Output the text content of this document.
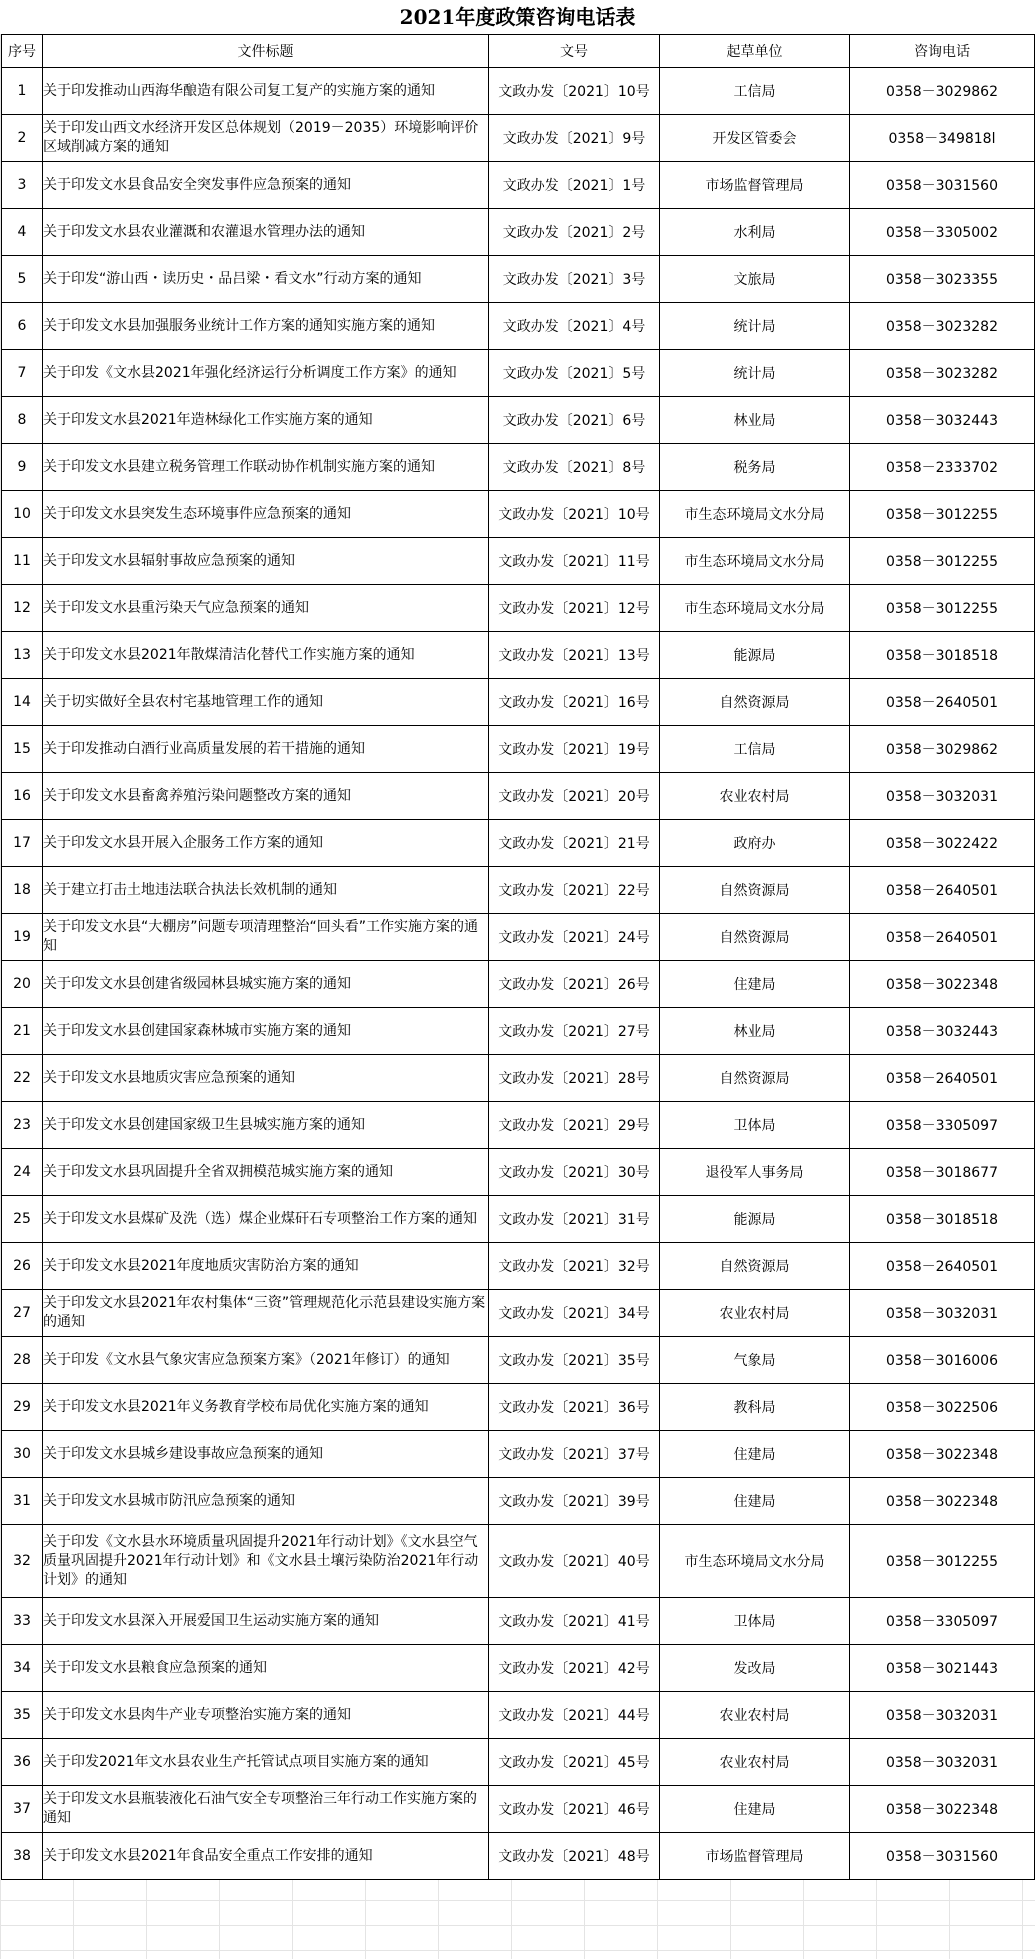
2021年度政策咨询电话表
序号	文件标题	文号	起草单位	咨询电话
1	关于印发推动山西海华酿造有限公司复工复产的实施方案的通知	文政办发〔2021〕10号	工信局	0358－3029862
2	关于印发山西文水经济开发区总体规划（2019－2035）环境影响评价区域削减方案的通知	文政办发〔2021〕9号	开发区管委会	0358－349818l
3	关于印发文水县食品安全突发事件应急预案的通知	文政办发〔2021〕1号	市场监督管理局	0358－3031560
4	关于印发文水县农业灌溉和农灌退水管理办法的通知	文政办发〔2021〕2号	水利局	0358－3305002
5	关于印发“游山西・读历史・品吕梁・看文水”行动方案的通知	文政办发〔2021〕3号	文旅局	0358－3023355
6	关于印发文水县加强服务业统计工作方案的通知实施方案的通知	文政办发〔2021〕4号	统计局	0358－3023282
7	关于印发《文水县2021年强化经济运行分析调度工作方案》的通知	文政办发〔2021〕5号	统计局	0358－3023282
8	关于印发文水县2021年造林绿化工作实施方案的通知	文政办发〔2021〕6号	林业局	0358－3032443
9	关于印发文水县建立税务管理工作联动协作机制实施方案的通知	文政办发〔2021〕8号	税务局	0358－2333702
10	关于印发文水县突发生态环境事件应急预案的通知	文政办发〔2021〕10号	市生态环境局文水分局	0358－3012255
11	关于印发文水县辐射事故应急预案的通知	文政办发〔2021〕11号	市生态环境局文水分局	0358－3012255
12	关于印发文水县重污染天气应急预案的通知	文政办发〔2021〕12号	市生态环境局文水分局	0358－3012255
13	关于印发文水县2021年散煤清洁化替代工作实施方案的通知	文政办发〔2021〕13号	能源局	0358－3018518
14	关于切实做好全县农村宅基地管理工作的通知	文政办发〔2021〕16号	自然资源局	0358－2640501
15	关于印发推动白酒行业高质量发展的若干措施的通知	文政办发〔2021〕19号	工信局	0358－3029862
16	关于印发文水县畜禽养殖污染问题整改方案的通知	文政办发〔2021〕20号	农业农村局	0358－3032031
17	关于印发文水县开展入企服务工作方案的通知	文政办发〔2021〕21号	政府办	0358－3022422
18	关于建立打击土地违法联合执法长效机制的通知	文政办发〔2021〕22号	自然资源局	0358－2640501
19	关于印发文水县“大棚房”问题专项清理整治“回头看”工作实施方案的通知	文政办发〔2021〕24号	自然资源局	0358－2640501
20	关于印发文水县创建省级园林县城实施方案的通知	文政办发〔2021〕26号	住建局	0358－3022348
21	关于印发文水县创建国家森林城市实施方案的通知	文政办发〔2021〕27号	林业局	0358－3032443
22	关于印发文水县地质灾害应急预案的通知	文政办发〔2021〕28号	自然资源局	0358－2640501
23	关于印发文水县创建国家级卫生县城实施方案的通知	文政办发〔2021〕29号	卫体局	0358－3305097
24	关于印发文水县巩固提升全省双拥模范城实施方案的通知	文政办发〔2021〕30号	退役军人事务局	0358－3018677
25	关于印发文水县煤矿及洗（选）煤企业煤矸石专项整治工作方案的通知	文政办发〔2021〕31号	能源局	0358－3018518
26	关于印发文水县2021年度地质灾害防治方案的通知	文政办发〔2021〕32号	自然资源局	0358－2640501
27	关于印发文水县2021年农村集体“三资”管理规范化示范县建设实施方案的通知	文政办发〔2021〕34号	农业农村局	0358－3032031
28	关于印发《文水县气象灾害应急预案方案》（2021年修订）的通知	文政办发〔2021〕35号	气象局	0358－3016006
29	关于印发文水县2021年义务教育学校布局优化实施方案的通知	文政办发〔2021〕36号	教科局	0358－3022506
30	关于印发文水县城乡建设事故应急预案的通知	文政办发〔2021〕37号	住建局	0358－3022348
31	关于印发文水县城市防汛应急预案的通知	文政办发〔2021〕39号	住建局	0358－3022348
32	关于印发《文水县水环境质量巩固提升2021年行动计划》《文水县空气质量巩固提升2021年行动计划》和《文水县土壤污染防治2021年行动计划》的通知	文政办发〔2021〕40号	市生态环境局文水分局	0358－3012255
33	关于印发文水县深入开展爱国卫生运动实施方案的通知	文政办发〔2021〕41号	卫体局	0358－3305097
34	关于印发文水县粮食应急预案的通知	文政办发〔2021〕42号	发改局	0358－3021443
35	关于印发文水县肉牛产业专项整治实施方案的通知	文政办发〔2021〕44号	农业农村局	0358－3032031
36	关于印发2021年文水县农业生产托管试点项目实施方案的通知	文政办发〔2021〕45号	农业农村局	0358－3032031
37	关于印发文水县瓶装液化石油气安全专项整治三年行动工作实施方案的通知	文政办发〔2021〕46号	住建局	0358－3022348
38	关于印发文水县2021年食品安全重点工作安排的通知	文政办发〔2021〕48号	市场监督管理局	0358－3031560
